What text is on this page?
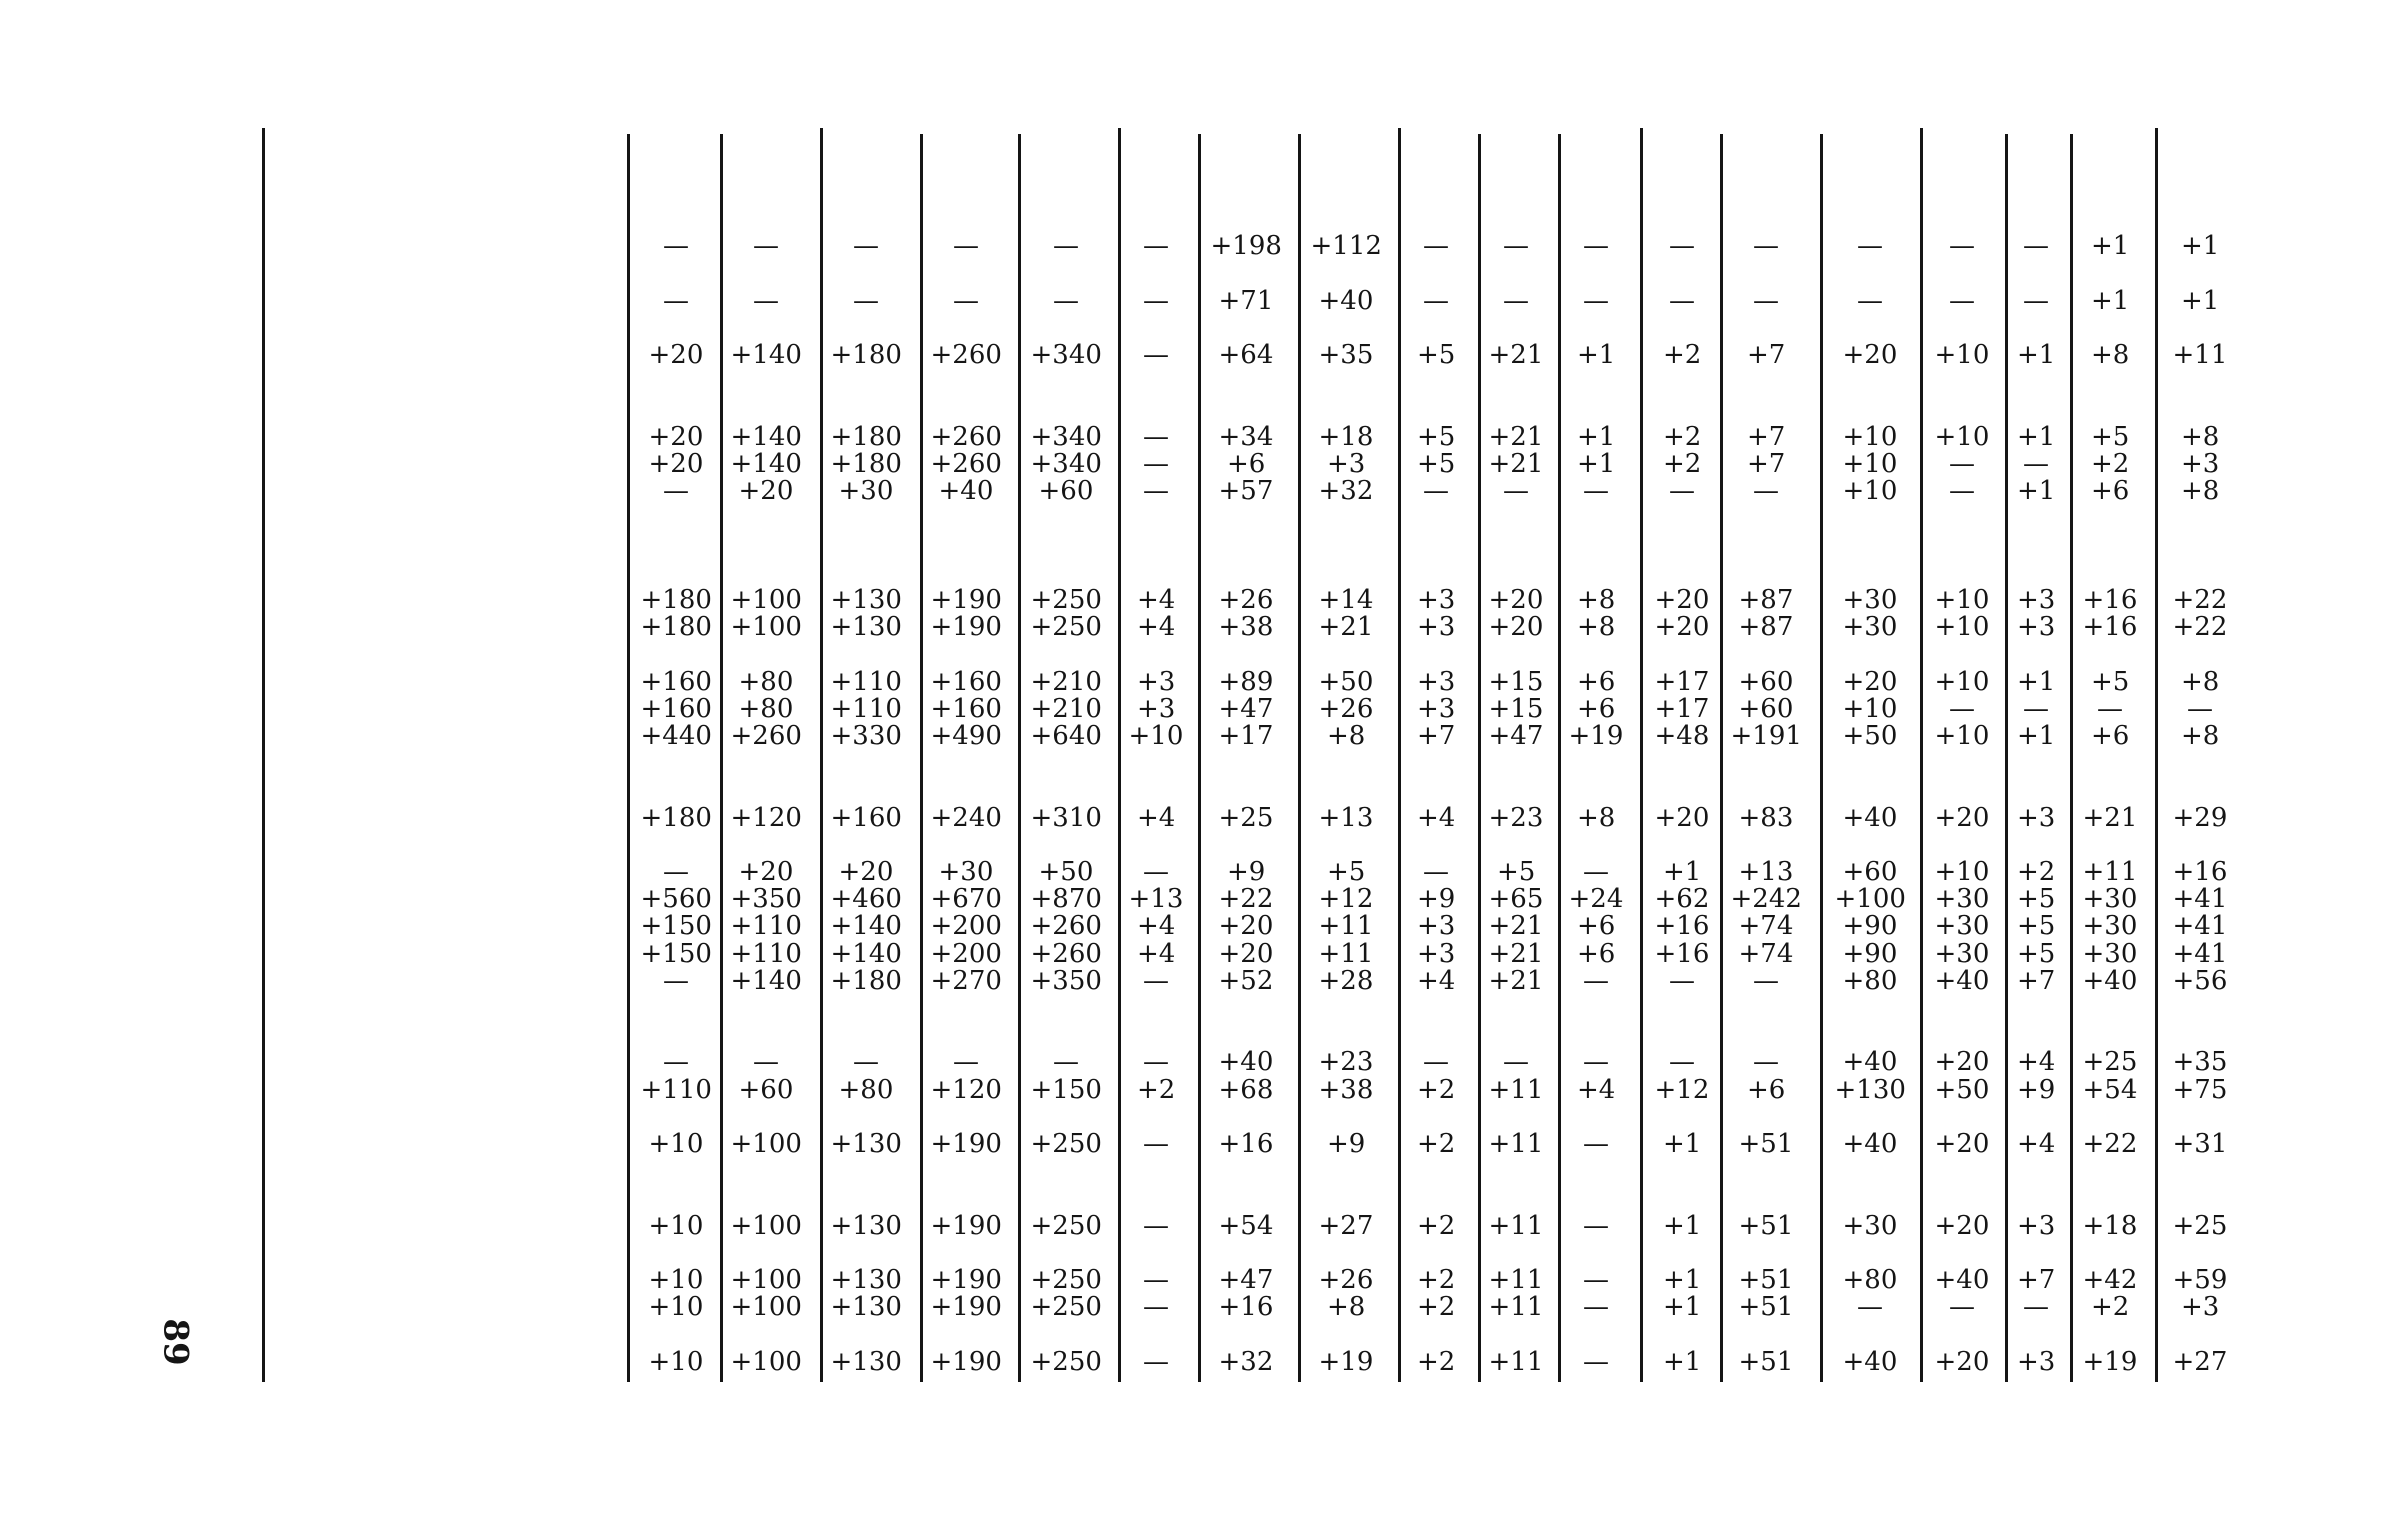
89
— —	—	—	— — +198 +112 — — — — —	—	— — +1 +1
— —	—	—	— — +71 +40 — — — — —	—	— — +1 +1
+20 +140 +180 +260 +340 — +64 +35 +5 +21 +1 +2 +7 +20 +10 +1 +8 +11
+20 +140 +180 +260 +340 — +34 +18 +5 +21 +1 +2 +7 +10 +10 +1 +5 +8
+20 +140 +180 +260 +340 — +6 +3 +5 +21 +1 +2 +7 +10 — — +2 +3
— +20 +30 +40 +60 — +57 +32 — — — — — +10 — +1 +6 +8
+180 +100 +130 +190 +250 +4 +26 +14 +3 +20 +8 +20 +87 +30 +10 +3 +16 +22
+180 +100 +130 +190 +250 +4 +38 +21 +3 +20 +8 +20 +87 +30 +10 +3 +16 +22
+160 +80 +110 +160 +210 +3 +89 +50 +3 +15 +6 +17 +60 +20 +10 +1 +5 +8
+160 +80 +110 +160 +210 +3 +47 +26 +3 +15 +6 +17 +60 +10 — — — —
+440 +260 +330 +490 +640 +10 +17 +8 +7 +47 +19 +48 +191 +50 +10 +1 +6 +8
+180 +120 +160 +240 +310 +4 +25 +13 +4 +23 +8 +20 +83 +40 +20 +3 +21 +29
— +20 +20 +30 +50 — +9 +5 — +5 — +1 +13 +60 +10 +2 +11 +16
+560 +350 +460 +670 +870 +13 +22 +12 +9 +65 +24 +62 +242 +100 +30 +5 +30 +41
+150 +110 +140 +200 +260 +4 +20 +11 +3 +21 +6 +16 +74 +90 +30 +5 +30 +41
+150 +110 +140 +200 +260 +4 +20 +11 +3 +21 +6 +16 +74 +90 +30 +5 +30 +41
— +140 +180 +270 +350 — +52 +28 +4 +21 — — — +80 +40 +7 +40 +56
— —	—	—	— — +40 +23 — — — — — +40 +20 +4 +25 +35
+110 +60 +80 +120 +150 +2 +68 +38 +2 +11 +4 +12 +6 +130 +50 +9 +54 +75
+10 +100 +130 +190 +250 — +16 +9 +2 +11 — +1 +51 +40 +20 +4 +22 +31
+10 +100 +130 +190 +250 — +54 +27 +2 +11 — +1 +51 +30 +20 +3 +18 +25
+10 +100 +130 +190 +250 — +47 +26 +2 +11 — +1 +51 +80 +40 +7 +42 +59
+10 +100 +130 +190 +250 — +16 +8 +2 +11 — +1 +51 —	— — +2 +3
+10 +100 +130 +190 +250 — +32 +19 +2 +11 — +1 +51 +40 +20 +3 +19 +27
